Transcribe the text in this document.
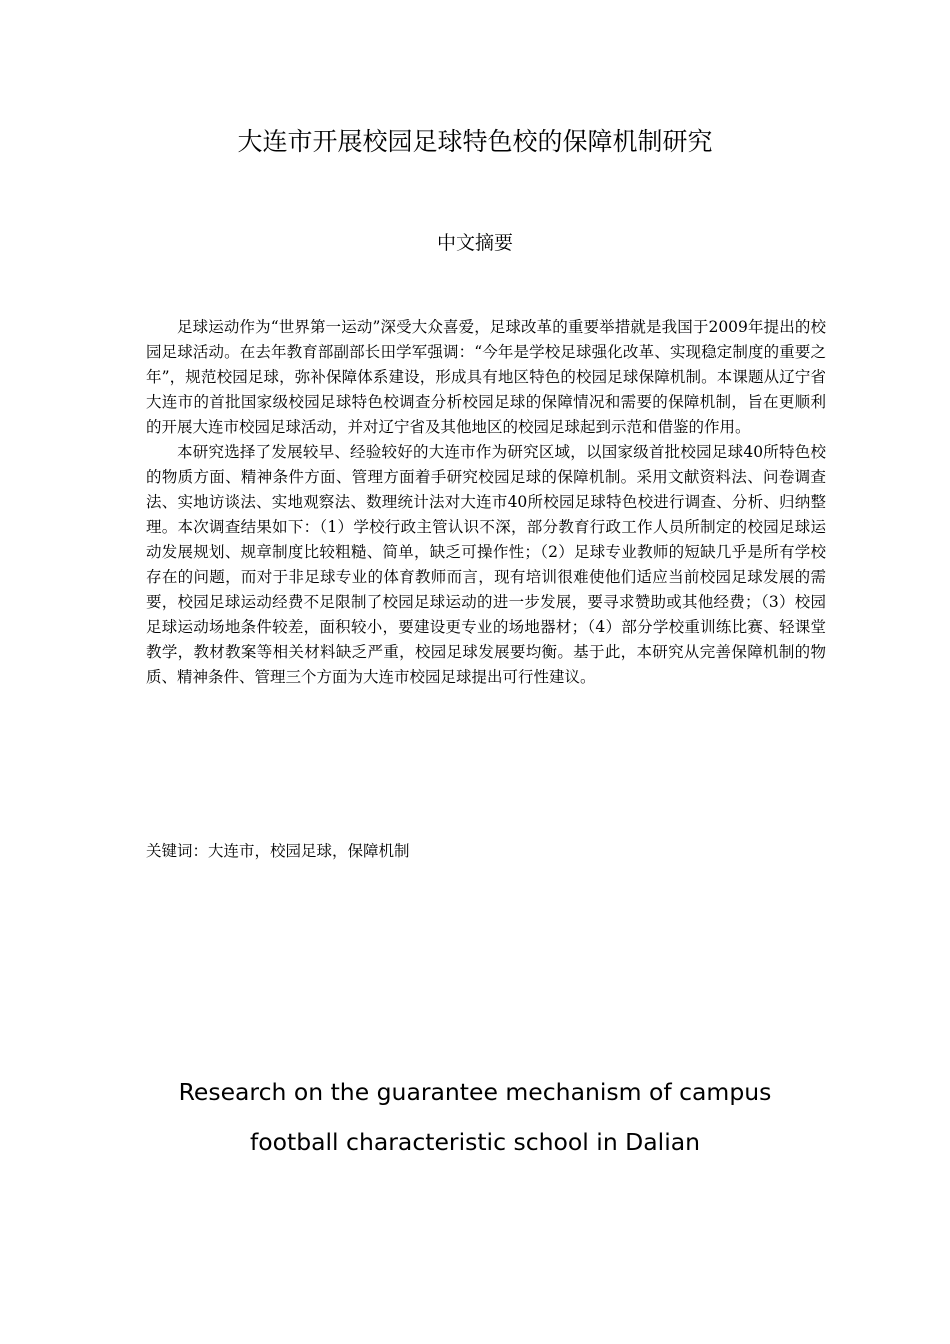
大连市开展校园足球特色校的保障机制研究
中文摘要

足球运动作为“世界第一运动”深受大众喜爱，足球改革的重要举措就是我国于2009年提出的校园足球活动。在去年教育部副部长田学军强调：“今年是学校足球强化改革、实现稳定制度的重要之年”，规范校园足球，弥补保障体系建设，形成具有地区特色的校园足球保障机制。本课题从辽宁省大连市的首批国家级校园足球特色校调查分析校园足球的保障情况和需要的保障机制，旨在更顺利的开展大连市校园足球活动，并对辽宁省及其他地区的校园足球起到示范和借鉴的作用。

本研究选择了发展较早、经验较好的大连市作为研究区域，以国家级首批校园足球40所特色校的物质方面、精神条件方面、管理方面着手研究校园足球的保障机制。采用文献资料法、问卷调查法、实地访谈法、实地观察法、数理统计法对大连市40所校园足球特色校进行调查、分析、归纳整理。本次调查结果如下：（1）学校行政主管认识不深，部分教育行政工作人员所制定的校园足球运动发展规划、规章制度比较粗糙、简单，缺乏可操作性；（2）足球专业教师的短缺几乎是所有学校存在的问题，而对于非足球专业的体育教师而言，现有培训很难使他们适应当前校园足球发展的需要，校园足球运动经费不足限制了校园足球运动的进一步发展，要寻求赞助或其他经费；（3）校园足球运动场地条件较差，面积较小，要建设更专业的场地器材；（4）部分学校重训练比赛、轻课堂教学，教材教案等相关材料缺乏严重，校园足球发展要均衡。基于此，本研究从完善保障机制的物质、精神条件、管理三个方面为大连市校园足球提出可行性建议。

关键词：大连市，校园足球，保障机制
Research on the guarantee mechanism of campus
football characteristic school in Dalian
